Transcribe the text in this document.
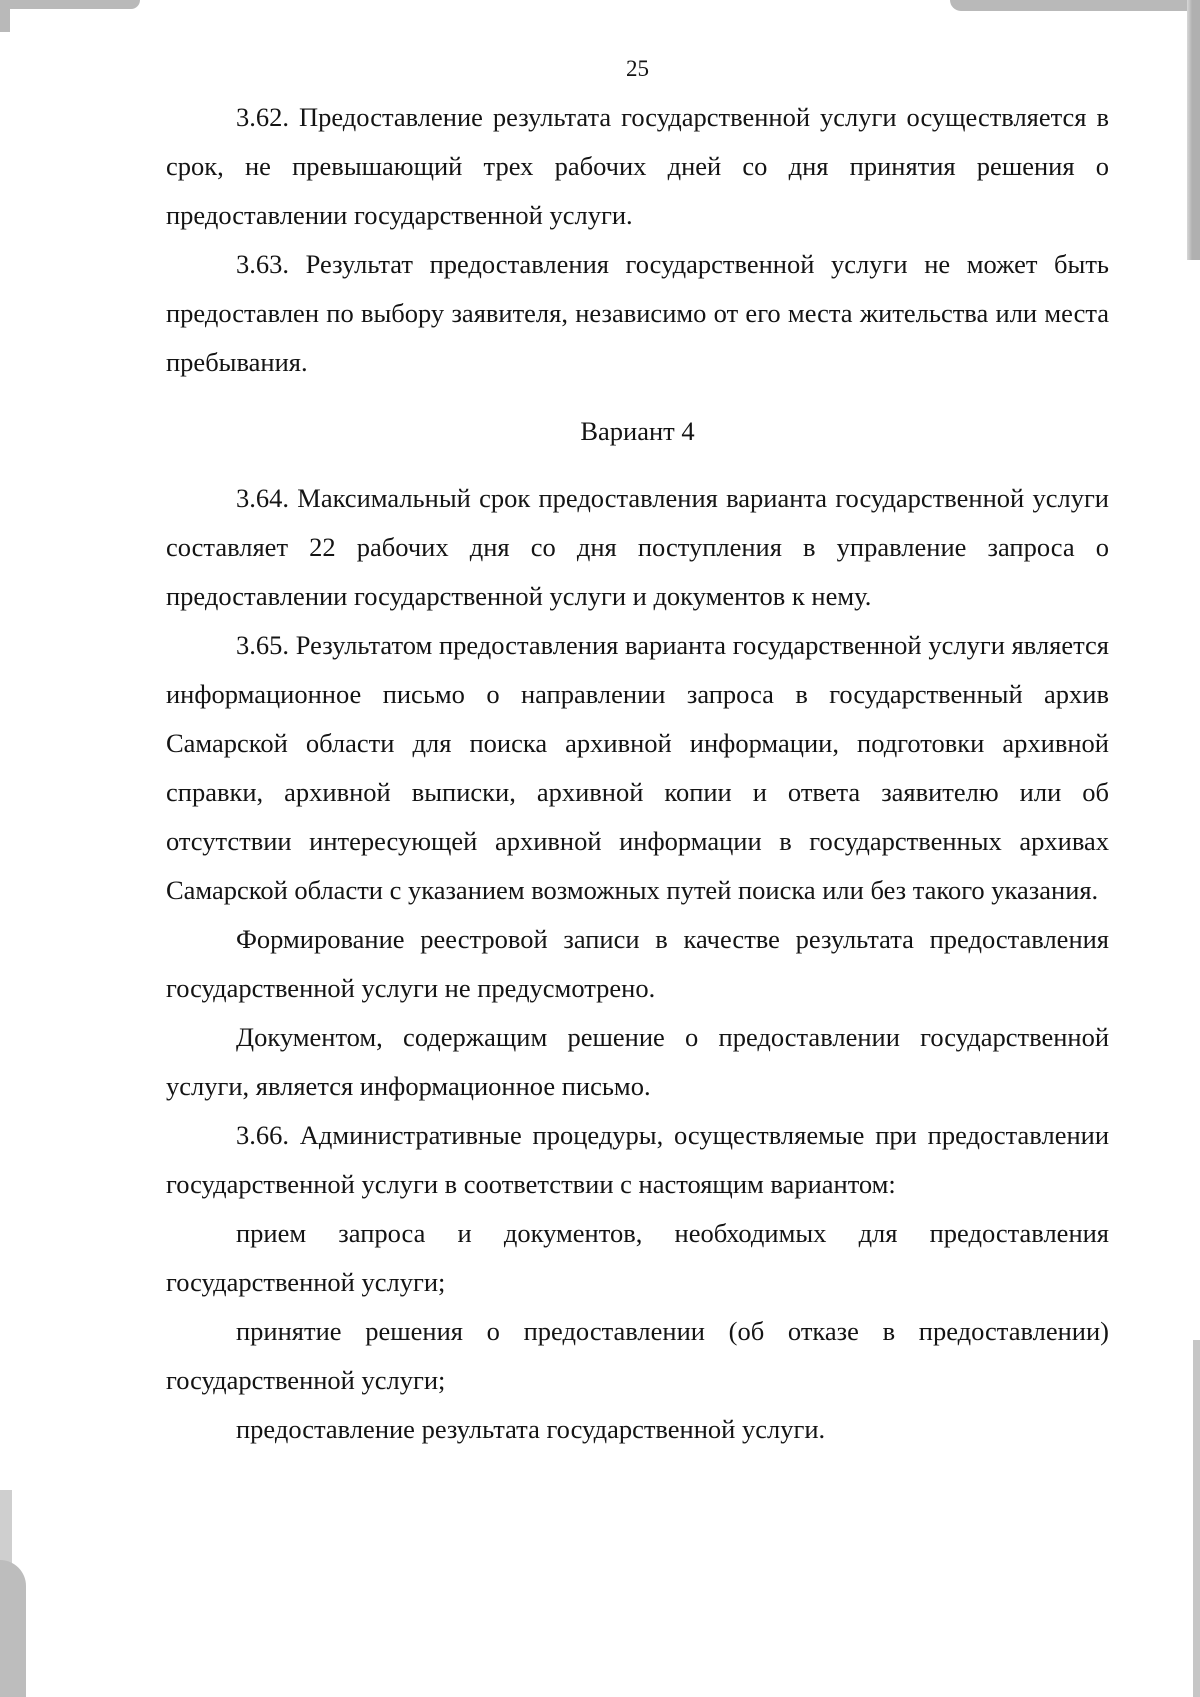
25

3.62. Предоставление результата государственной услуги осуществляется в срок, не превышающий трех рабочих дней со дня принятия решения о предоставлении государственной услуги.

3.63. Результат предоставления государственной услуги не может быть предоставлен по выбору заявителя, независимо от его места жительства или места пребывания.

Вариант 4

3.64. Максимальный срок предоставления варианта государственной услуги составляет 22 рабочих дня со дня поступления в управление запроса о предоставлении государственной услуги и документов к нему.

3.65. Результатом предоставления варианта государственной услуги является информационное письмо о направлении запроса в государственный архив Самарской области для поиска архивной информации, подготовки архивной справки, архивной выписки, архивной копии и ответа заявителю или об отсутствии интересующей архивной информации в государственных архивах Самарской области с указанием возможных путей поиска или без такого указания.

Формирование реестровой записи в качестве результата предоставления государственной услуги не предусмотрено.

Документом, содержащим решение о предоставлении государственной услуги, является информационное письмо.

3.66. Административные процедуры, осуществляемые при предоставлении государственной услуги в соответствии с настоящим вариантом:

прием запроса и документов, необходимых для предоставления государственной услуги;

принятие решения о предоставлении (об отказе в предоставлении) государственной услуги;

предоставление результата государственной услуги.
